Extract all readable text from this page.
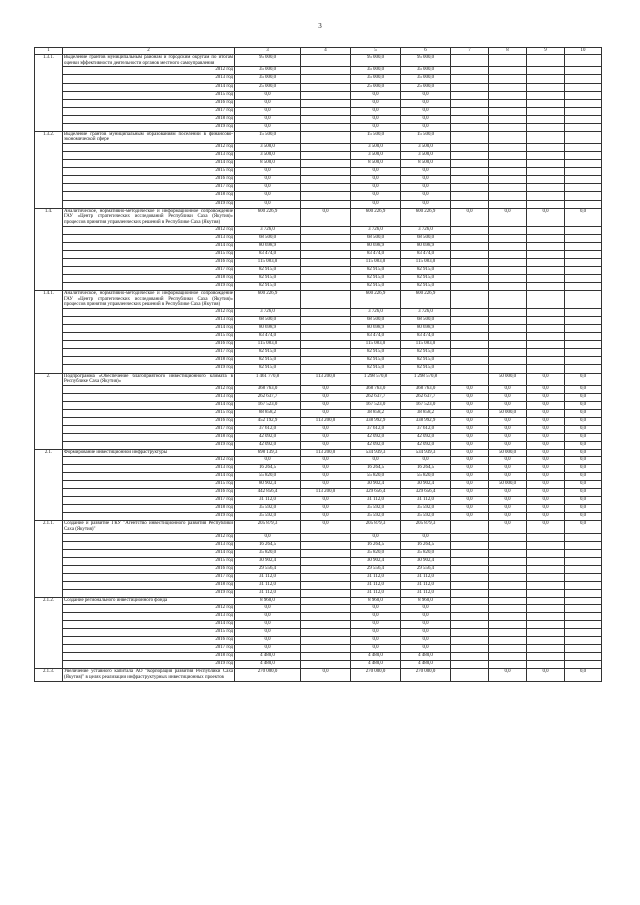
3
1	2	3	4	5	6	7	8	9	10
1.3.1.	Выделение грантов муниципальным районам и городским округам по итогам оценки эффективности деятельности органов местного самоуправления	95 000,0		95 000,0	95 000,0				
	2012 год	35 000,0		35 000,0	35 000,0				
	2013 год	35 000,0		35 000,0	35 000,0				
	2014 год	25 000,0		25 000,0	25 000,0				
	2015 год	0,0		0,0	0,0				
	2016 год	0,0		0,0	0,0				
	2017 год	0,0		0,0	0,0				
	2018 год	0,0		0,0	0,0				
	2019 год	0,0		0,0	0,0				
1.3.2.	Выделение грантов муниципальным образованиям поселений в финансово-экономической сфере	15 500,0		15 500,0	15 500,0				
	2012 год	3 500,0		3 500,0	3 500,0				
	2013 год	3 500,0		3 500,0	3 500,0				
	2014 год	8 500,0		8 500,0	8 500,0				
	2015 год	0,0		0,0	0,0				
	2016 год	0,0		0,0	0,0				
	2017 год	0,0		0,0	0,0				
	2018 год	0,0		0,0	0,0				
	2019 год	0,0		0,0	0,0				
1.4.	Аналитическое, нормативно-методическое и информационное сопровождение ГАУ «Центр стратегических исследований Республики Саха (Якутия)» процессов принятия управленческих решений в Республике Саха (Якутия)	600 226,9	0,0	600 226,9	600 226,9	0,0	0,0	0,0	0,0
	2012 год	3 726,0		3 726,0	3 726,0				
	2013 год	68 500,0		68 500,0	68 500,0				
	2014 год	80 698,9		80 698,9	80 698,9				
	2015 год	83 474,0		83 474,0	83 474,0				
	2016 год	115 083,0		115 083,0	115 083,0				
	2017 год	82 915,0		82 915,0	82 915,0				
	2018 год	82 915,0		82 915,0	82 915,0				
	2019 год	82 915,0		82 915,0	82 915,0				
1.4.1.	Аналитическое, нормативно-методическое и информационное сопровождение ГАУ «Центр стратегических исследований Республики Саха (Якутия)» процессов принятия управленческих решений в Республике Саха (Якутия)	600 226,9		600 226,9	600 226,9				
	2012 год	3 726,0		3 726,0	3 726,0				
	2013 год	68 500,0		68 500,0	68 500,0				
	2014 год	80 698,9		80 698,9	80 698,9				
	2015 год	83 474,0		83 474,0	83 474,0				
	2016 год	115 083,0		115 083,0	115 083,0				
	2017 год	82 915,0		82 915,0	82 915,0				
	2018 год	82 915,0		82 915,0	82 915,0				
	2019 год	82 915,0		82 915,0	82 915,0				
2.	Подпрограмма «Обеспечение благоприятного инвестиционного климата в Республике Саха (Якутия)»	1 461 770,8	113 200,0	1 298 570,8	1 298 570,8		50 000,0	0,0	0,0
	2012 год	368 763,0	0,0	368 763,0	368 763,0	0,0	0,0	0,0	0,0
	2013 год	262 637,7	0,0	262 637,7	262 637,7	0,0	0,0	0,0	0,0
	2014 год	167 523,0	0,0	167 523,0	167 523,0	0,0	0,0	0,0	0,0
	2015 год	88 858,2	0,0	38 858,2	38 858,2	0,0	50 000,0	0,0	0,0
	2016 год	452 192,9	113 200,0	338 992,9	338 992,9	0,0	0,0	0,0	0,0
	2017 год	37 612,0	0,0	37 612,0	37 612,0	0,0	0,0	0,0	0,0
	2018 год	42 092,0	0,0	42 092,0	42 092,0	0,0	0,0	0,0	0,0
	2019 год	42 092,0	0,0	42 092,0	42 092,0	0,0	0,0	0,0	0,0
2.1.	Формирование инвестиционной инфраструктуры	698 139,3	113 200,0	534 939,3	534 939,3	0,0	50 000,0	0,0	0,0
	2012 год	0,0	0,0	0,0	0,0	0,0	0,0	0,0	0,0
	2013 год	16 264,5	0,0	16 264,5	16 264,5	0,0	0,0	0,0	0,0
	2014 год	55 820,0	0,0	55 820,0	55 820,0	0,0	0,0	0,0	0,0
	2015 год	80 902,4	0,0	30 902,4	30 902,4	0,0	50 000,0	0,0	0,0
	2016 год	442 856,4	113 200,0	329 656,4	329 656,4	0,0	0,0	0,0	0,0
	2017 год	31 112,0	0,0	31 112,0	31 112,0	0,0	0,0	0,0	0,0
	2018 год	35 592,0	0,0	35 592,0	35 592,0	0,0	0,0	0,0	0,0
	2019 год	35 592,0	0,0	35 592,0	35 592,0	0,0	0,0	0,0	0,0
2.1.1.	Создание и развитие ГКУ "Агентство инвестиционного развития Республики Саха (Якутия)"	205 879,3	0,0	205 879,3	205 879,3		0,0	0,0	0,0
	2012 год	0,0		0,0	0,0				
	2013 год	16 264,5		16 264,5	16 264,5				
	2014 год	35 820,0		35 820,0	35 820,0				
	2015 год	30 902,4		30 902,4	30 902,4				
	2016 год	29 556,4		29 556,4	29 556,4				
	2017 год	31 112,0		31 112,0	31 112,0				
	2018 год	31 112,0		31 112,0	31 112,0				
	2019 год	31 112,0		31 112,0	31 112,0				
2.1.2.	Создание регионального инвестиционного фонда	8 960,0		8 960,0	8 960,0				
	2012 год	0,0		0,0	0,0				
	2013 год	0,0		0,0	0,0				
	2014 год	0,0		0,0	0,0				
	2015 год	0,0		0,0	0,0				
	2016 год	0,0		0,0	0,0				
	2017 год	0,0		0,0	0,0				
	2018 год	4 480,0		4 480,0	4 480,0				
	2019 год	4 480,0		4 480,0	4 480,0				
2.1.3.	Увеличение уставного капитала АО "Корпорация развития Республики Саха (Якутия)" в целях реализации инфраструктурных инвестиционных проектов	270 000,0	0,0	270 000,0	270 000,0		0,0	0,0	0,0
